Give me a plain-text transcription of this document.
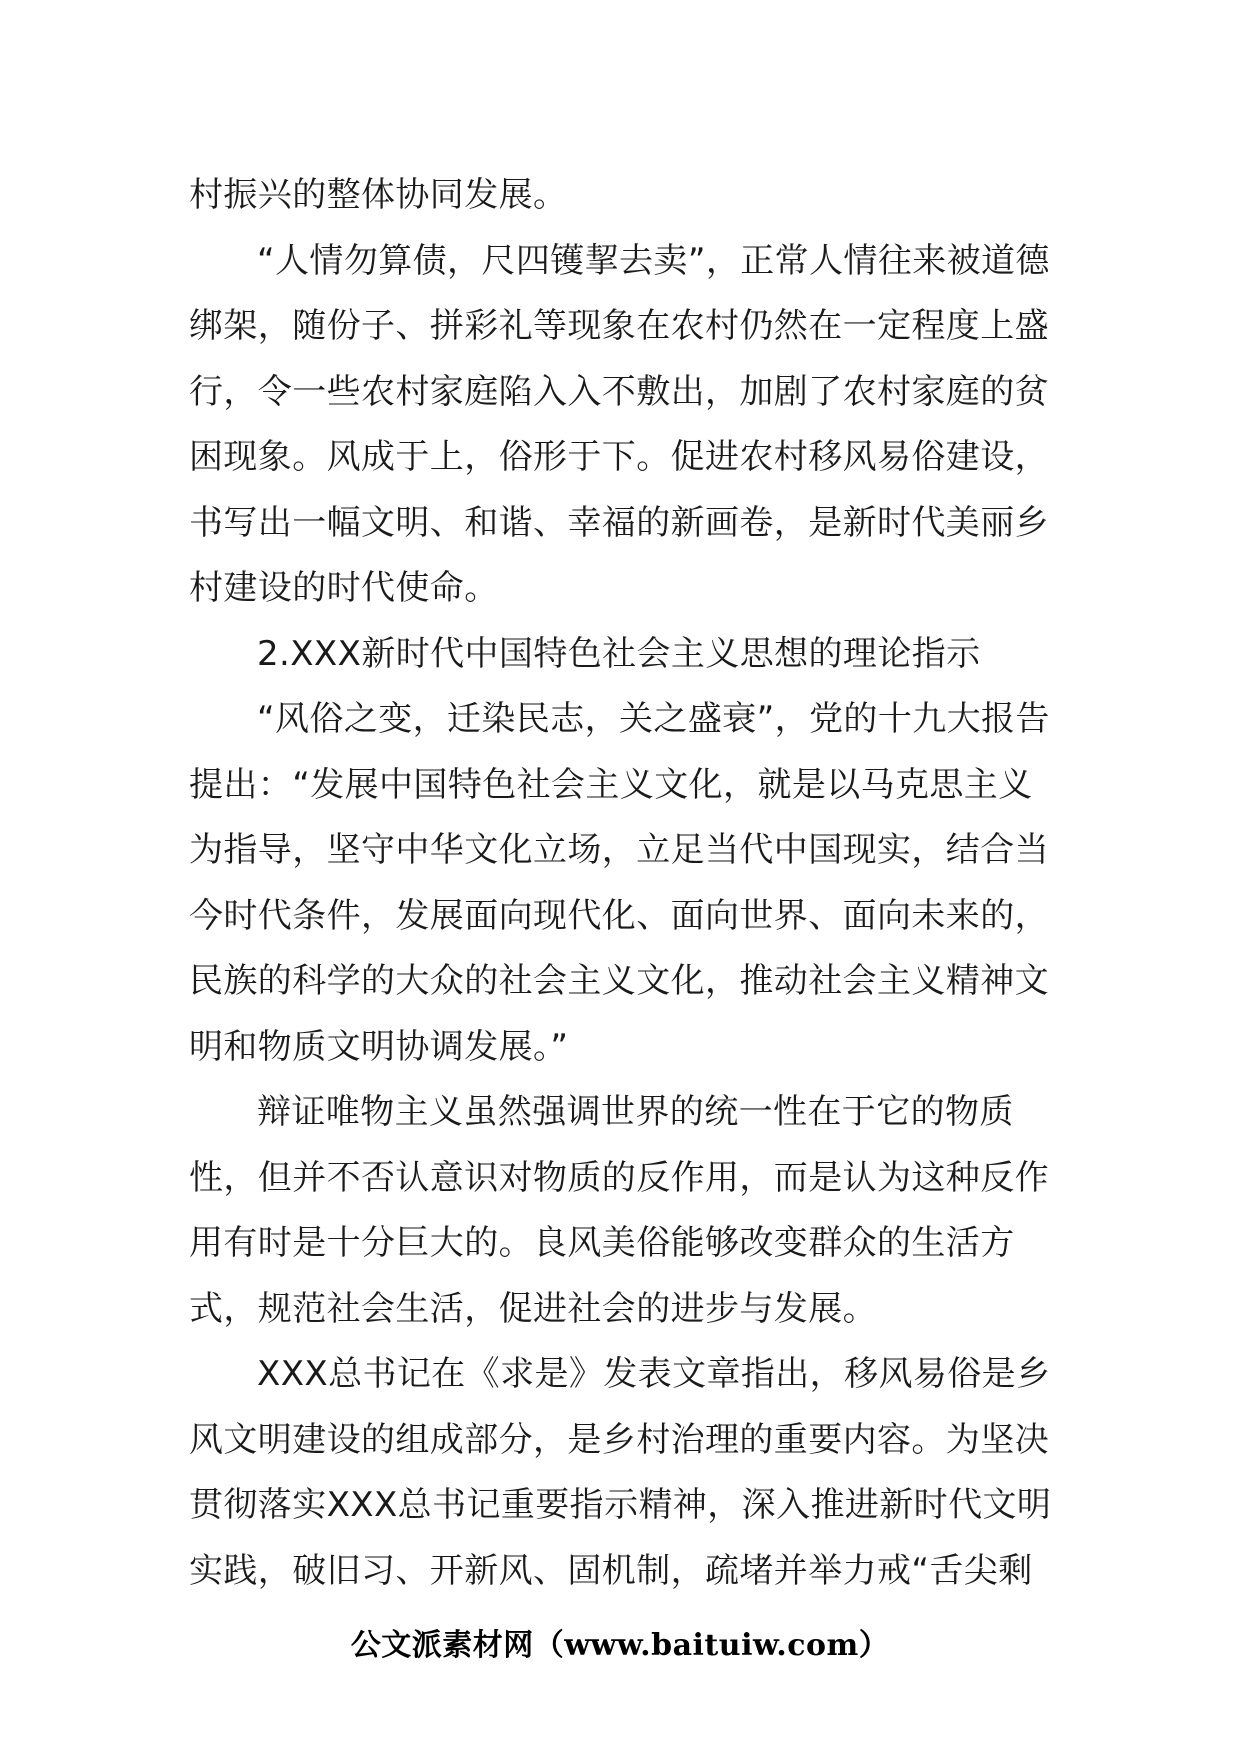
村振兴的整体协同发展。
“人情勿算债，尺四镬挈去卖”，正常人情往来被道德
绑架，随份子、拼彩礼等现象在农村仍然在一定程度上盛
行，令一些农村家庭陷入入不敷出，加剧了农村家庭的贫
困现象。风成于上，俗形于下。促进农村移风易俗建设，
书写出一幅文明、和谐、幸福的新画卷，是新时代美丽乡
村建设的时代使命。
2.XXX新时代中国特色社会主义思想的理论指示
“风俗之变，迁染民志，关之盛衰”，党的十九大报告
提出：“发展中国特色社会主义文化，就是以马克思主义
为指导，坚守中华文化立场，立足当代中国现实，结合当
今时代条件，发展面向现代化、面向世界、面向未来的，
民族的科学的大众的社会主义文化，推动社会主义精神文
明和物质文明协调发展。”
辩证唯物主义虽然强调世界的统一性在于它的物质
性，但并不否认意识对物质的反作用，而是认为这种反作
用有时是十分巨大的。良风美俗能够改变群众的生活方
式，规范社会生活，促进社会的进步与发展。
XXX总书记在《求是》发表文章指出，移风易俗是乡
风文明建设的组成部分，是乡村治理的重要内容。为坚决
贯彻落实XXX总书记重要指示精神，深入推进新时代文明
实践，破旧习、开新风、固机制，疏堵并举力戒“舌尖剩
公文派素材网（www.baituiw.com）
